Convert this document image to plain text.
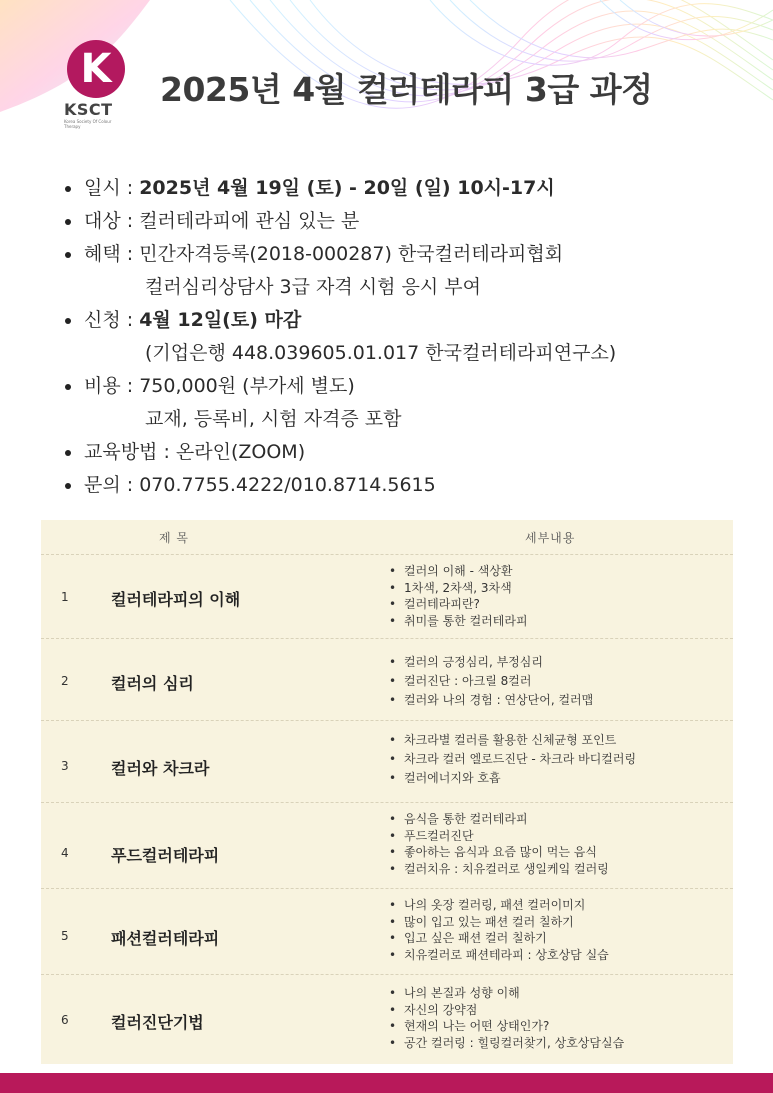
K
KSCT
Korea Society Of Colour Therapy
2025년 4월 컬러테라피 3급 과정
일시 : 2025년 4월 19일 (토) - 20일 (일) 10시-17시
대상 : 컬러테라피에 관심 있는 분
혜택 : 민간자격등록(2018-000287) 한국컬러테라피협회
컬러심리상담사 3급 자격 시험 응시 부여
신청 : 4월 12일(토) 마감
(기업은행 448.039605.01.017 한국컬러테라피연구소)
비용 : 750,000원 (부가세 별도)
교재, 등록비, 시험 자격증 포함
교육방법 : 온라인(ZOOM)
문의 : 070.7755.4222/010.8714.5615
제 목	세부내용
1	컬러테라피의 이해
• 컬러의 이해 - 색상환
• 1차색, 2차색, 3차색
• 컬러테라피란?
• 취미를 통한 컬러테라피
2	컬러의 심리
• 컬러의 긍정심리, 부정심리
• 컬러진단 : 아크릴 8컬러
• 컬러와 나의 경험 : 연상단어, 컬러맵
3	컬러와 차크라
• 차크라별 컬러를 활용한 신체균형 포인트
• 차크라 컬러 엘로드진단 - 차크라 바디컬러링
• 컬러에너지와 호흡
4	푸드컬러테라피
• 음식을 통한 컬러테라피
• 푸드컬러진단
• 좋아하는 음식과 요즘 많이 먹는 음식
• 컬러치유 : 치유컬러로 생일케잌 컬러링
5	패션컬러테라피
• 나의 옷장 컬러링, 패션 컬러이미지
• 많이 입고 있는 패션 컬러 칠하기
• 입고 싶은 패션 컬러 칠하기
• 치유컬러로 패션테라피 : 상호상담 실습
6	컬러진단기법
• 나의 본질과 성향 이해
• 자신의 강약점
• 현재의 나는 어떤 상태인가?
• 공간 컬러링 : 힐링컬러찾기, 상호상담실습
